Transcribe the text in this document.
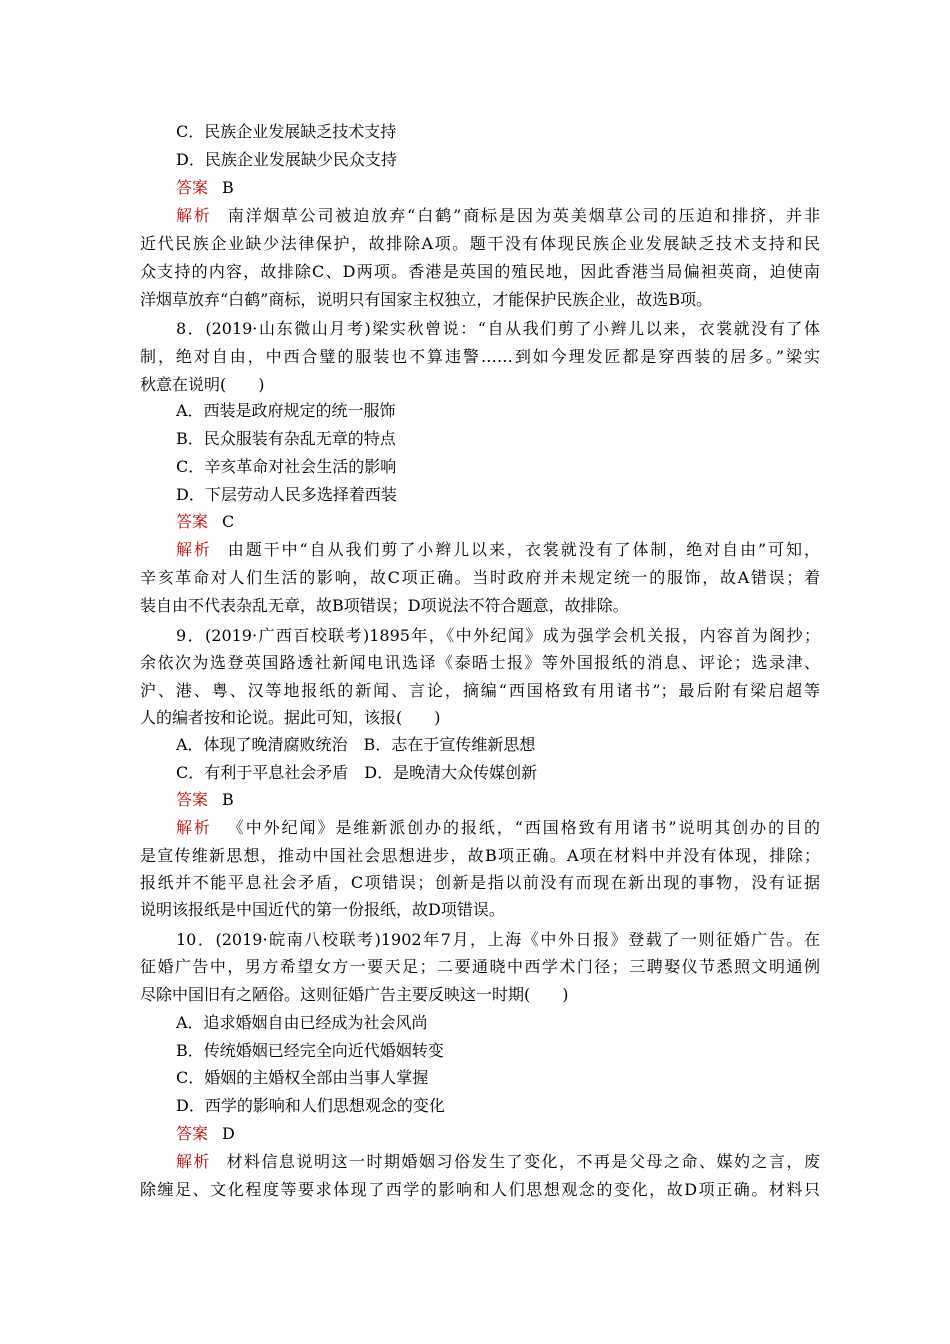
C．民族企业发展缺乏技术支持
D．民族企业发展缺少民众支持
答案 B
解析 南洋烟草公司被迫放弃“白鹤”商标是因为英美烟草公司的压迫和排挤，并非
近代民族企业缺少法律保护，故排除A项。题干没有体现民族企业发展缺乏技术支持和民
众支持的内容，故排除C、D两项。香港是英国的殖民地，因此香港当局偏袒英商，迫使南
洋烟草放弃“白鹤”商标，说明只有国家主权独立，才能保护民族企业，故选B项。
8．(2019·山东微山月考)梁实秋曾说：“自从我们剪了小辫儿以来，衣裳就没有了体
制，绝对自由，中西合璧的服装也不算违警……到如今理发匠都是穿西装的居多。”梁实
秋意在说明(　　)
A．西装是政府规定的统一服饰
B．民众服装有杂乱无章的特点
C．辛亥革命对社会生活的影响
D．下层劳动人民多选择着西装
答案 C
解析 由题干中“自从我们剪了小辫儿以来，衣裳就没有了体制，绝对自由”可知，
辛亥革命对人们生活的影响，故C项正确。当时政府并未规定统一的服饰，故A错误；着
装自由不代表杂乱无章，故B项错误；D项说法不符合题意，故排除。
9．(2019·广西百校联考)1895年，《中外纪闻》成为强学会机关报，内容首为阁抄；
余依次为选登英国路透社新闻电讯选译《泰晤士报》等外国报纸的消息、评论；选录津、
沪、港、粤、汉等地报纸的新闻、言论，摘编“西国格致有用诸书”；最后附有梁启超等
人的编者按和论说。据此可知，该报(　　)
A．体现了晚清腐败统治　B．志在于宣传维新思想
C．有利于平息社会矛盾　D．是晚清大众传媒创新
答案 B
解析 《中外纪闻》是维新派创办的报纸，“西国格致有用诸书”说明其创办的目的
是宣传维新思想，推动中国社会思想进步，故B项正确。A项在材料中并没有体现，排除；
报纸并不能平息社会矛盾，C项错误；创新是指以前没有而现在新出现的事物，没有证据
说明该报纸是中国近代的第一份报纸，故D项错误。
10．(2019·皖南八校联考)1902年7月，上海《中外日报》登载了一则征婚广告。在
征婚广告中，男方希望女方一要天足；二要通晓中西学术门径；三聘娶仪节悉照文明通例
尽除中国旧有之陋俗。这则征婚广告主要反映这一时期(　　)
A．追求婚姻自由已经成为社会风尚
B．传统婚姻已经完全向近代婚姻转变
C．婚姻的主婚权全部由当事人掌握
D．西学的影响和人们思想观念的变化
答案 D
解析 材料信息说明这一时期婚姻习俗发生了变化，不再是父母之命、媒妁之言，废
除缠足、文化程度等要求体现了西学的影响和人们思想观念的变化，故D项正确。材料只
